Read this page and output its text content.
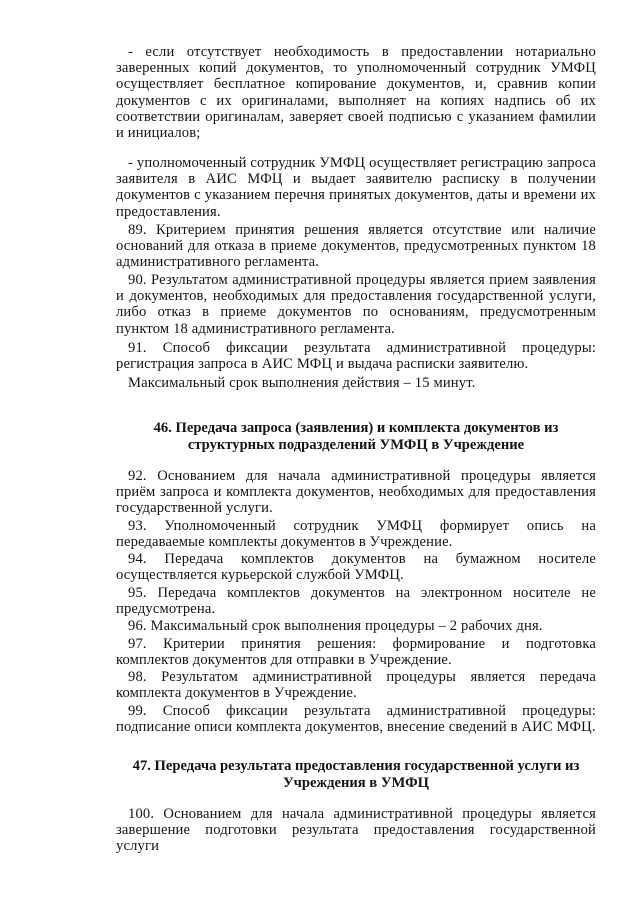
- если отсутствует необходимость в предоставлении нотариально заверенных копий документов, то уполномоченный сотрудник УМФЦ осуществляет бесплатное копирование документов, и, сравнив копии документов с их оригиналами, выполняет на копиях надпись об их соответствии оригиналам, заверяет своей подписью с указанием фамилии и инициалов;

- уполномоченный сотрудник УМФЦ осуществляет регистрацию запроса заявителя в АИС МФЦ и выдает заявителю расписку в получении документов с указанием перечня принятых документов, даты и времени их предоставления.

89. Критерием принятия решения является отсутствие или наличие оснований для отказа в приеме документов, предусмотренных пунктом 18 административного регламента.

90. Результатом административной процедуры является прием заявления и документов, необходимых для предоставления государственной услуги, либо отказ в приеме документов по основаниям, предусмотренным пунктом 18 административного регламента.

91. Способ фиксации результата административной процедуры: регистрация запроса в АИС МФЦ и выдача расписки заявителю.

Максимальный срок выполнения действия – 15 минут.

46. Передача запроса (заявления) и комплекта документов из

структурных подразделений УМФЦ в Учреждение

92. Основанием для начала административной процедуры является приём запроса и комплекта документов, необходимых для предоставления государственной услуги.

93. Уполномоченный сотрудник УМФЦ формирует опись на передаваемые комплекты документов в Учреждение.

94. Передача комплектов документов на бумажном носителе осуществляется курьерской службой УМФЦ.

95. Передача комплектов документов на электронном носителе не предусмотрена.

96. Максимальный срок выполнения процедуры – 2 рабочих дня.

97. Критерии принятия решения: формирование и подготовка комплектов документов для отправки в Учреждение.

98. Результатом административной процедуры является передача комплекта документов в Учреждение.

99. Способ фиксации результата административной процедуры: подписание описи комплекта документов, внесение сведений в АИС МФЦ.

47. Передача результата предоставления государственной услуги из

Учреждения в УМФЦ

100. Основанием для начала административной процедуры является завершение подготовки результата предоставления государственной услуги
